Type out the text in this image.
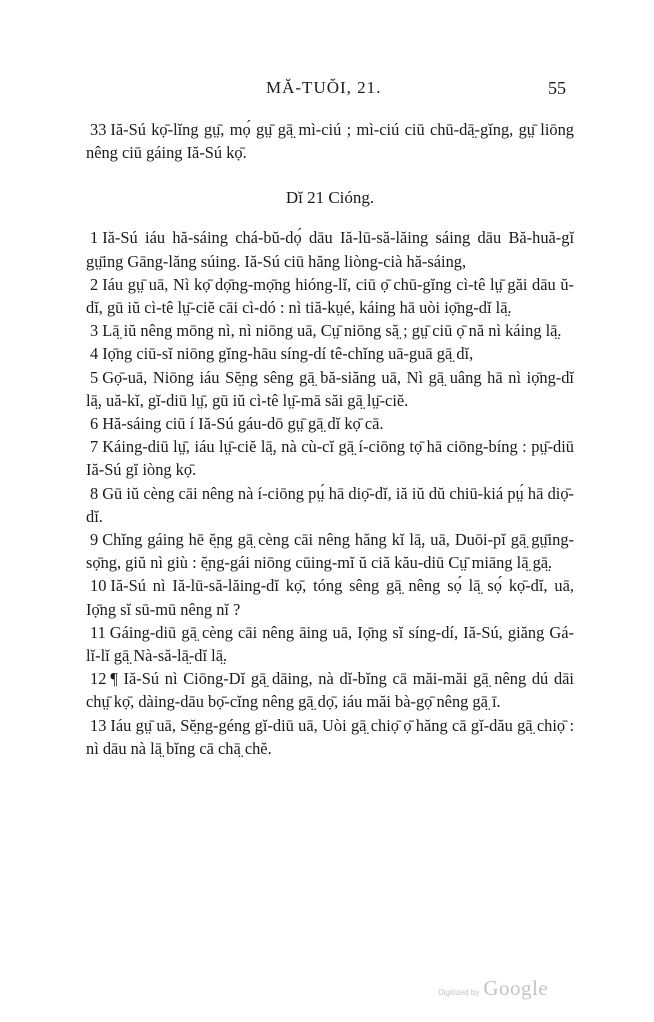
MĂ-TUŎI, 21.	55

33 Iă-Sú kọ̄-lĭng gṳ̄, mọ́ gṳ̄ gā̤ mì-ciú ; mì-ciú ciū chū-dā̤-gĭng, gṳ̄ liōng nêng ciū gáing Iă-Sú kọ̄.

Dĭ 21 Cióng.

1 Iă-Sú iáu hă-sáing chá-bŭ-dọ́ dāu Iă-lū-să-lăing sáing dāu Bă-huă-gĭ gṳ̄ing Gāng-lăng súing. Iă-Sú ciū hăng liòng-cià hă-sáing,

2 Iáu gṳ̄ uā, Nì kọ̄ dọ̄ng-mọ̄ng hióng-lĭ, ciū ọ̄ chū-gĭng cì-tê lṳ̄ găi dāu ŭ-dĭ, gū iŭ cì-tê lṳ̄-ciĕ cāi cì-dó : nì tiă-kṳé, káing hā uòi iọ̄ng-dĭ lā̤.

3 Lā̤ iŭ nêng mōng nì, nì niōng uā, Cṳ̄ niōng să̤ ; gṳ̄ ciū ọ̄ nă nì káing lā̤.

4 Iọ̄ng ciū-sĭ niōng gĭng-hāu síng-dí tê-chĭng uā-guā gā̤ dĭ,

5 Gọ̄-uā, Niōng iáu Sĕ̤ng sêng gā̤ bă-siăng uā, Nì gā̤ uâng hā nì iọ̄ng-dĭ lā̤, uă-kĭ, gĭ-diū lṳ̄, gū iŭ cì-tê lṳ̄-mā săi gā̤ lṳ̄-ciĕ.

6 Hă-sáing ciū í Iă-Sú gáu-dō gṳ̄ gā̤ dĭ kọ̄ cā.

7 Káing-diū lṳ̄, iáu lṳ̄-ciĕ lā̤, nà cù-cĭ gā̤ í-ciōng tọ̄ hā ciōng-bíng : pṳ̄-diū Iă-Sú gĭ iòng kọ̄.

8 Gū iŭ cèng cāi nêng nà í-ciōng pṳ́ hā diọ̄-dĭ, iă iŭ dŭ chiū-kiá pṳ́ hā diọ̄-dĭ.

9 Chĭng gáing hē ĕ̤ng gā̤ cèng cāi nêng hăng kĭ lā̤, uā, Duōi-pĭ gā̤ gṳ̄ing-sọ̄ng, giŭ nì giù : ĕ̤ng-gái niōng cūing-mĭ ŭ ciă kău-diū Cṳ̄ miāng lā̤ gā̤.

10 Iă-Sú nì Iă-lū-să-lăing-dĭ kọ̄, tóng sêng gā̤ nêng sọ́ lā̤ sọ́ kọ̄-dĭ, uā, Iọ̄ng sĭ sū-mū nêng nĭ ?

11 Gáing-diū gā̤ cèng cāi nêng āing uā, Iọ̄ng sĭ síng-dí, Iă-Sú, giăng Gá-lĭ-lĭ gā̤ Nà-să-lā̤-dĭ lā̤.

12 ¶ Iă-Sú nì Ciōng-Dĭ gā̤ dāing, nà dĭ-bĭng cā măi-măi gā̤ nêng dú dāi chṳ̄ kọ̄, dàing-dāu bọ̄-cĭng nêng gā̤ dọ̄, iáu măi bà-gọ̄ nêng gā̤ ī.

13 Iáu gṳ̄ uā, Sĕ̤ng-géng gĭ-diū uā, Uòi gā̤ chiọ̄ ọ̄ hăng cā gĭ-dău gā̤ chiọ̄ : nì dāu nà lā̤ bĭng cā chā̤ chĕ.

Digitized by Google
